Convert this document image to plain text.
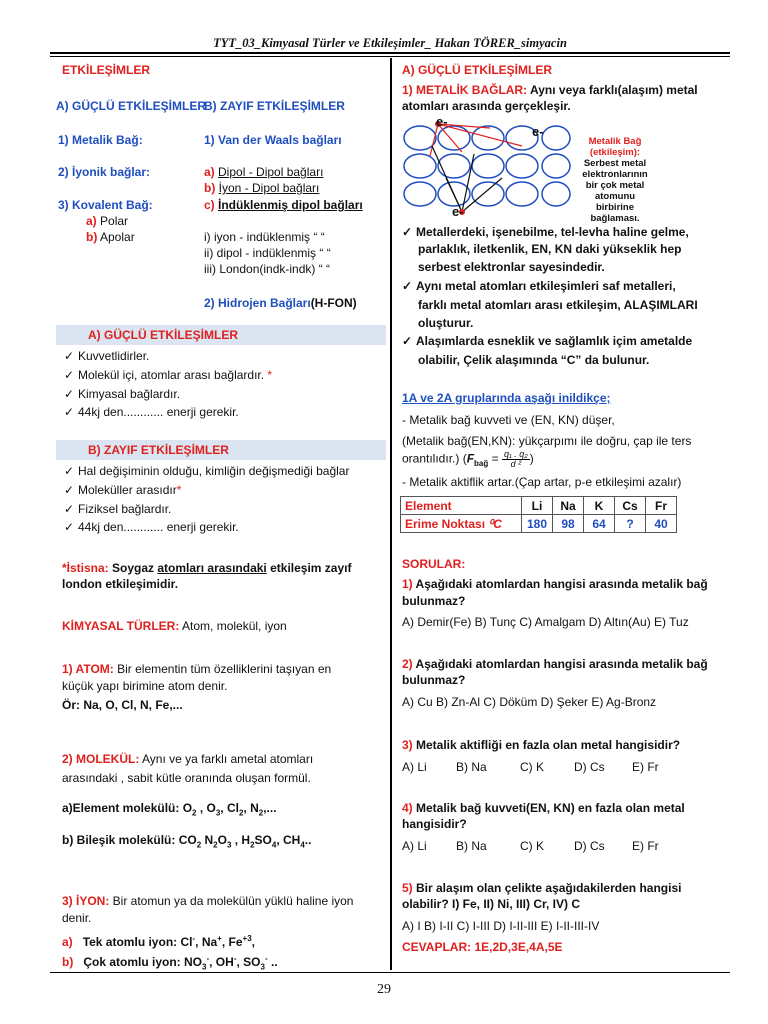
TYT_03_Kimyasal Türler ve Etkileşimler_ Hakan TÖRER_simyacin
ETKİLEŞİMLER
A) GÜÇLÜ ETKİLEŞİMLER
B) ZAYIF ETKİLEŞİMLER
1) Metalik Bağ:	1) Van der Waals bağları
2) İyonik bağlar:	a) Dipol - Dipol bağları
b) İyon - Dipol bağları
3) Kovalent Bağ:	c) İndüklenmiş dipol bağları
a) Polar
b) Apolar	i) iyon - indüklenmiş “ “
ii) dipol - indüklenmiş “ “
iii) London(indk-indk) “ “
2) Hidrojen Bağları(H-FON)
A) GÜÇLÜ ETKİLEŞİMLER
✓ Kuvvetlidirler.
✓ Molekül içi, atomlar arası bağlardır. *
✓ Kimyasal bağlardır.
✓ 44kj den............ enerji gerekir.
B) ZAYIF ETKİLEŞİMLER
✓ Hal değişiminin olduğu, kimliğin değişmediği bağlar
✓ Moleküller arasıdır*
✓ Fiziksel bağlardır.
✓ 44kj den............ enerji gerekir.
*İstisna: Soygaz atomları arasındaki etkileşim zayıf
london etkileşimidir.
KİMYASAL TÜRLER: Atom, molekül, iyon
1) ATOM: Bir elementin tüm özelliklerini taşıyan en
küçük yapı birimine atom denir.
Ör: Na, O, Cl, N, Fe,...
2) MOLEKÜL: Aynı ve ya farklı ametal atomları
arasındaki , sabit kütle oranında oluşan formül.
a)Element molekülü: $O_2$ , $O_3$, $Cl_2$, $N_2$,...
b) Bileşik molekülü: $CO_2$ $N_2O_3$ , $H_2SO_4$, $CH_4$..
3) İYON: Bir atomun ya da molekülün yüklü haline iyon
denir.
a) Tek atomlu iyon: Cl-, Na+, $Fe^{+3}$,
b) Çok atomlu iyon: $NO_3^-$, OH-, $SO_3^-$ ..
A) GÜÇLÜ ETKİLEŞİMLER
1) METALİK BAĞLAR: Aynı veya farklı(alaşım) metal
atomları arasında gerçekleşir.
e-
e-
e-
Metalik Bağ (etkileşim):
Serbest metal elektronlarının bir çok metal atomunu birbirine bağlaması.
✓ Metallerdeki, işenebilme, tel-levha haline gelme,
parlaklık, iletkenlik, EN, KN daki yükseklik hep
serbest elektronlar sayesindedir.
✓ Aynı metal atomları etkileşimleri saf metalleri,
farklı metal atomları arası etkileşim, ALAŞIMLARI
oluşturur.
✓ Alaşımlarda esneklik ve sağlamlık içim ametalde
olabilir, Çelik alaşımında “C” da bulunur.
1A ve 2A gruplarında aşağı inildikçe;
- Metalik bağ kuvveti ve (EN, KN) düşer,
(Metalik bağ(EN,KN): yükçarpımı ile doğru, çap ile ters
orantılıdır.) ($F_{bağ} = \frac{\text{q₁ . q₂}}{\text{d ²}}$ )
- Metalik aktiflik artar.(Çap artar, p-e etkileşimi azalır)
Element	Li	Na	K	Cs	Fr
Erime Noktası ⁰C	180	98	64	?	40
SORULAR:
1) Aşağıdaki atomlardan hangisi arasında metalik bağ
bulunmaz?
A) Demir(Fe) B) Tunç C) Amalgam D) Altın(Au) E) Tuz
2) Aşağıdaki atomlardan hangisi arasında metalik bağ
bulunmaz?
A) Cu B) Zn-Al C) Döküm D) Şeker E) Ag-Bronz
3) Metalik aktifliği en fazla olan metal hangisidir?
A) Li B) Na	C) K	D) Cs E) Fr
4) Metalik bağ kuvveti(EN, KN) en fazla olan metal
hangisidir?
A) Li B) Na	C) K	D) Cs E) Fr
5) Bir alaşım olan çelikte aşağıdakilerden hangisi
olabilir? I) Fe, II) Ni, III) Cr, IV) C
A) I B) I-II C) I-III D) I-II-III E) I-II-III-IV
CEVAPLAR: 1E,2D,3E,4A,5E
29
